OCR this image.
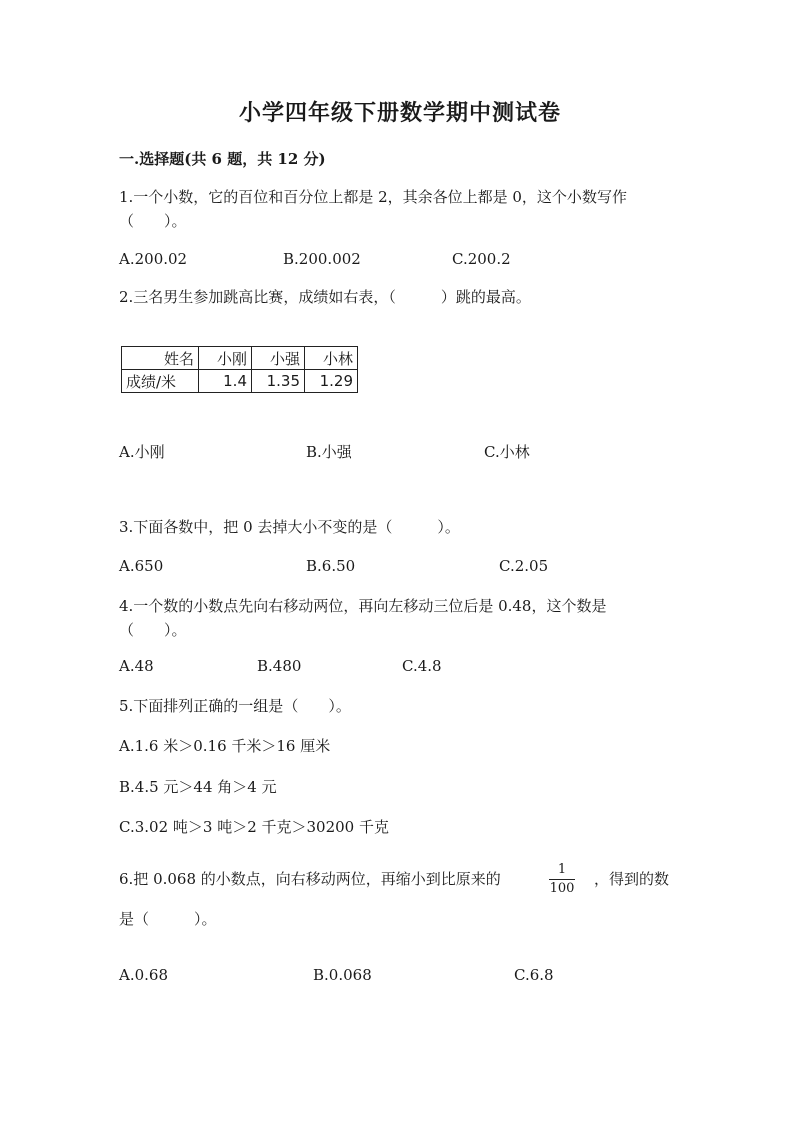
小学四年级下册数学期中测试卷
一.选择题(共 6 题，共 12 分)
1.一个小数，它的百位和百分位上都是 2，其余各位上都是 0，这个小数写作
（　　）。
A.200.02	B.200.002	C.200.2
2.三名男生参加跳高比赛，成绩如右表，（　　　）跳的最高。
姓名	小刚	小强	小林
成绩/米	1.4	1.35	1.29
A.小刚	B.小强	C.小林
3.下面各数中，把 0 去掉大小不变的是（　　　）。
A.650	B.6.50	C.2.05
4.一个数的小数点先向右移动两位，再向左移动三位后是 0.48，这个数是
（　　）。
A.48	B.480	C.4.8
5.下面排列正确的一组是（　　）。
A.1.6 米＞0.16 千米＞16 厘米
B.4.5 元＞44 角＞4 元
C.3.02 吨＞3 吨＞2 千克＞30200 千克
6.把 0.068 的小数点，向右移动两位，再缩小到比原来的
1
100
，得到的数
是（　　　）。
A.0.68	B.0.068	C.6.8
